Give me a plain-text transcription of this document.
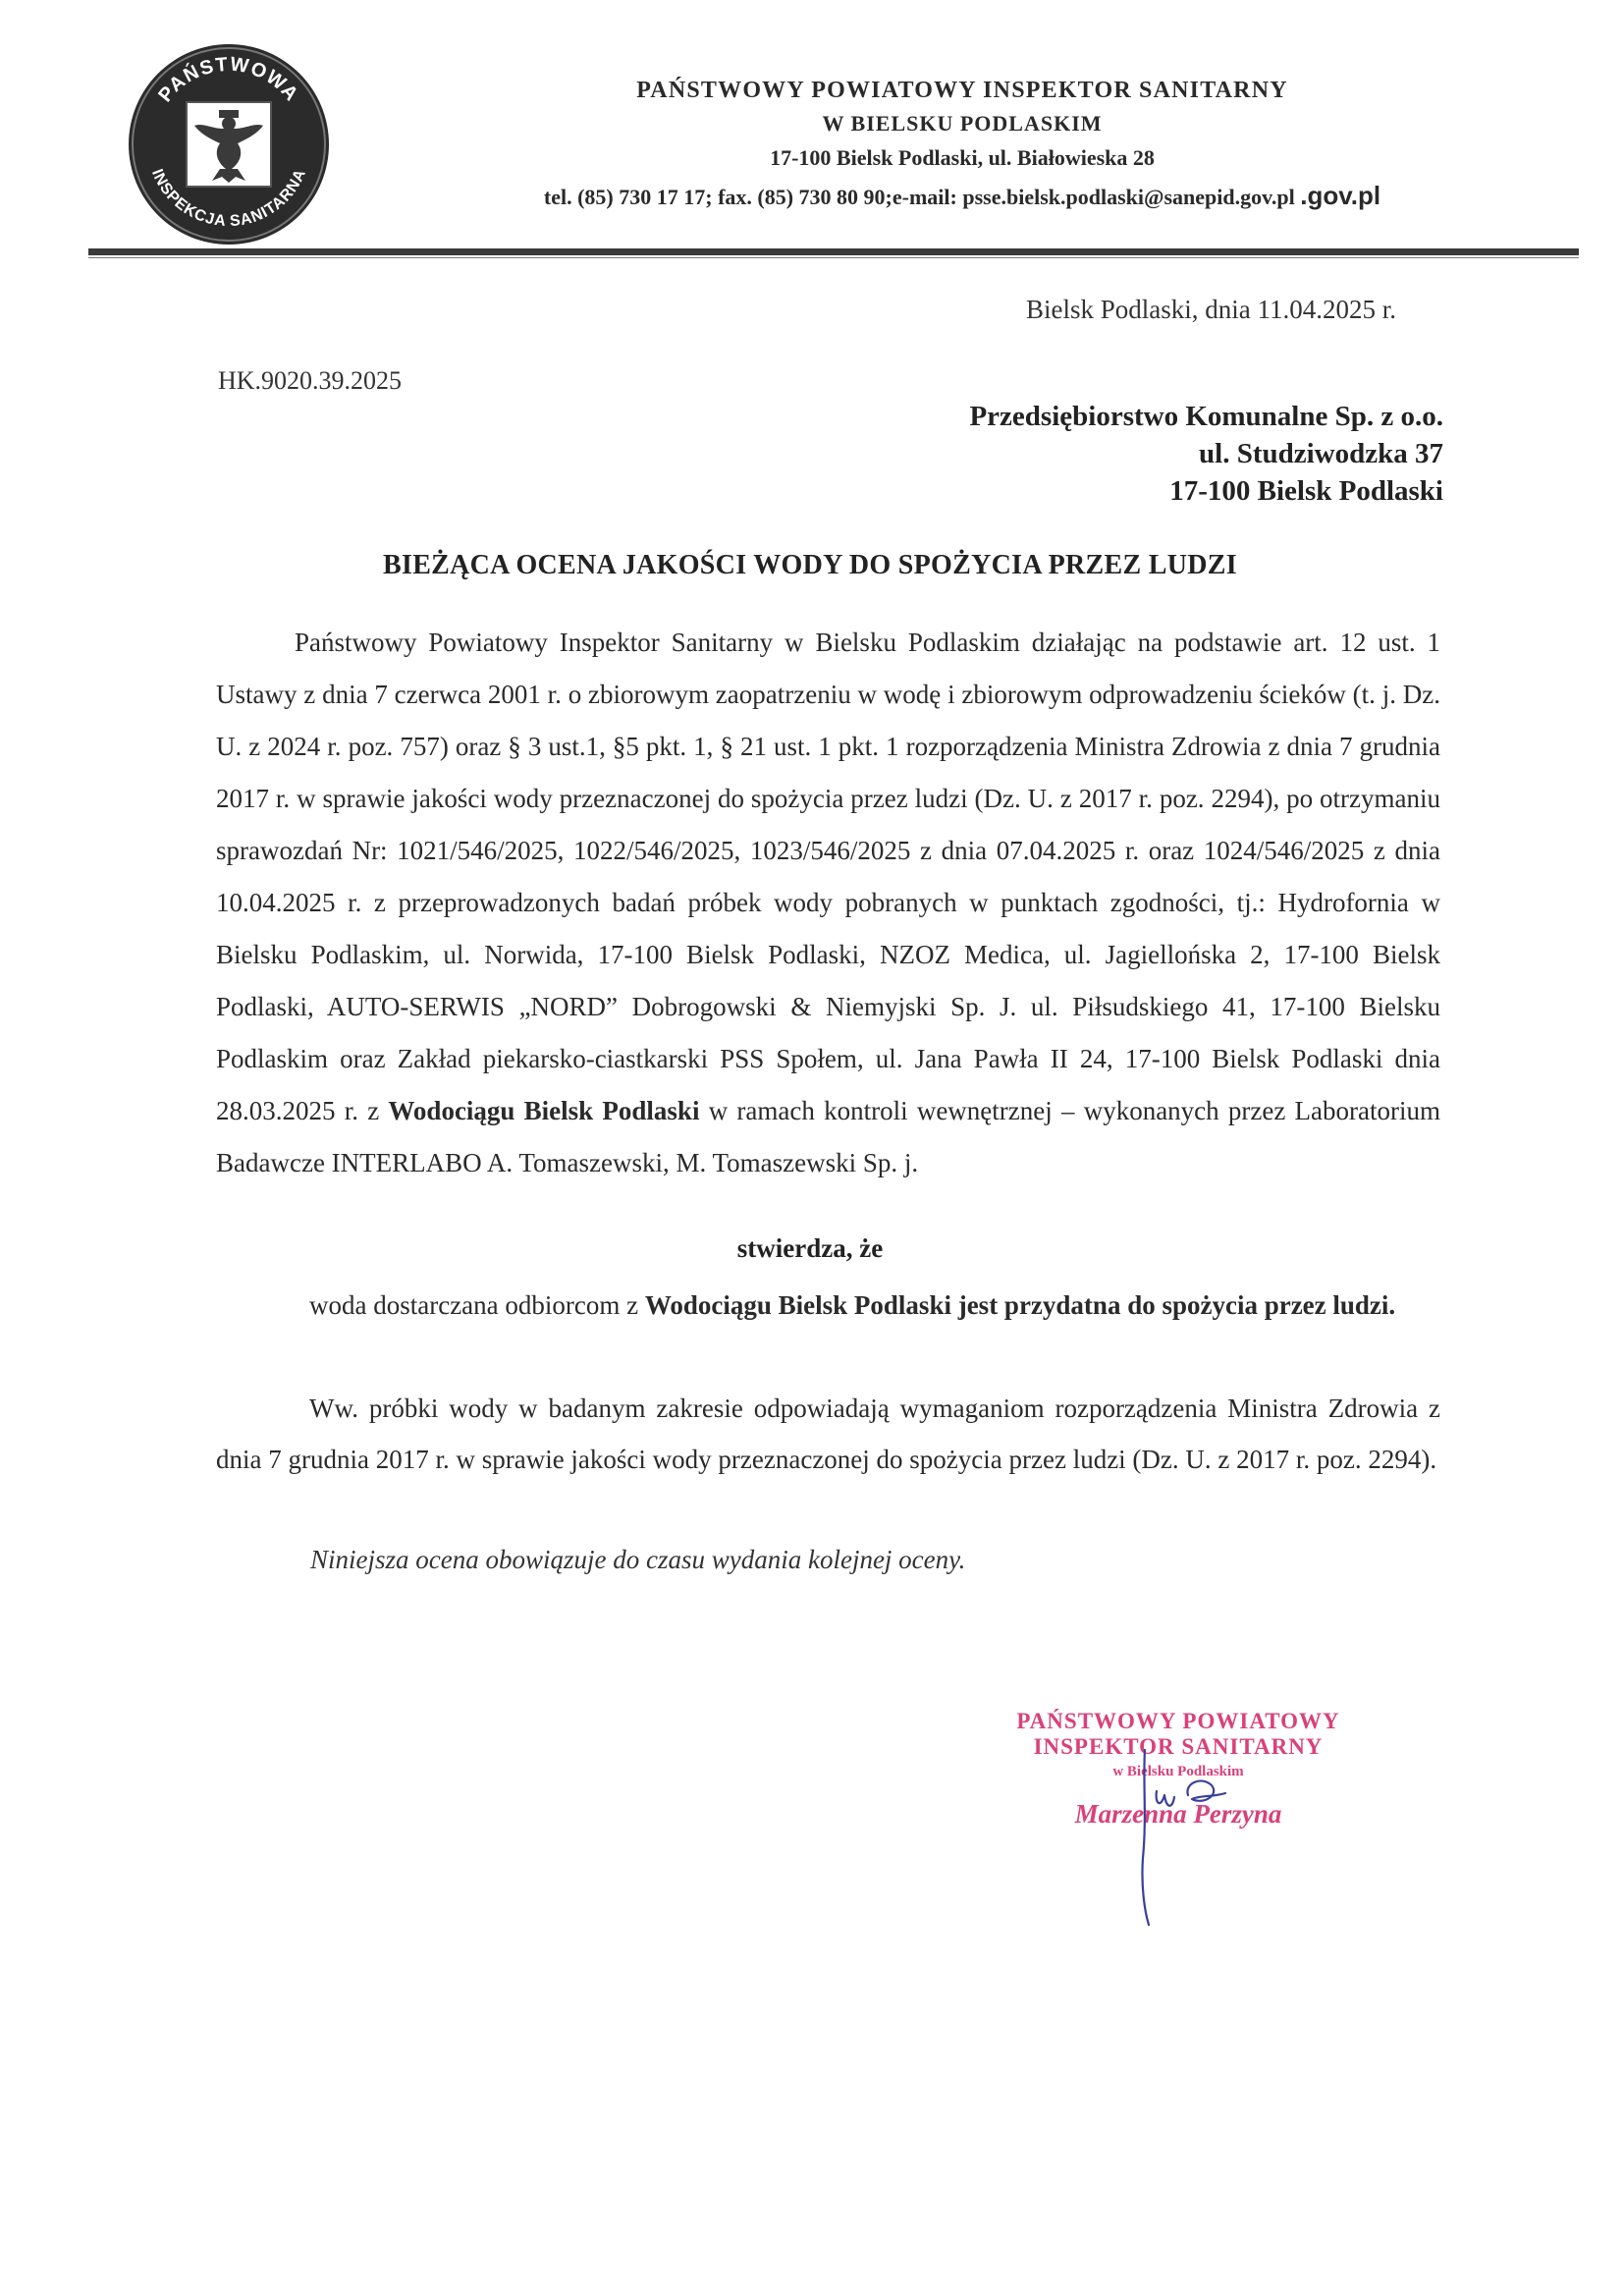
PAŃSTWOWA
INSPEKCJA SANITARNA
PAŃSTWOWY POWIATOWY INSPEKTOR SANITARNY
W BIELSKU PODLASKIM
17-100 Bielsk Podlaski, ul. Białowieska 28
tel. (85) 730 17 17; fax. (85) 730 80 90;e-mail: psse.bielsk.podlaski@sanepid.gov.pl .gov.pl
Bielsk Podlaski, dnia 11.04.2025 r.
HK.9020.39.2025
Przedsiębiorstwo Komunalne Sp. z o.o.
ul. Studziwodzka 37
17-100 Bielsk Podlaski
BIEŻĄCA OCENA JAKOŚCI WODY DO SPOŻYCIA PRZEZ LUDZI

Państwowy Powiatowy Inspektor Sanitarny w Bielsku Podlaskim działając na podstawie art. 12 ust. 1 Ustawy z dnia 7 czerwca 2001 r. o zbiorowym zaopatrzeniu w wodę i zbiorowym odprowadzeniu ścieków (t. j. Dz. U. z 2024 r. poz. 757) oraz § 3 ust.1, §5 pkt. 1, § 21 ust. 1 pkt. 1 rozporządzenia Ministra Zdrowia z dnia 7 grudnia 2017 r. w sprawie jakości wody przeznaczonej do spożycia przez ludzi (Dz. U. z 2017 r. poz. 2294), po otrzymaniu sprawozdań Nr: 1021/546/2025, 1022/546/2025, 1023/546/2025 z dnia 07.04.2025 r. oraz 1024/546/2025 z dnia 10.04.2025 r. z przeprowadzonych badań próbek wody pobranych w punktach zgodności, tj.: Hydrofornia w Bielsku Podlaskim, ul. Norwida, 17-100 Bielsk Podlaski, NZOZ Medica, ul. Jagiellońska 2, 17-100 Bielsk Podlaski, AUTO-SERWIS „NORD” Dobrogowski & Niemyjski Sp. J. ul. Piłsudskiego 41, 17-100 Bielsku Podlaskim oraz Zakład piekarsko-ciastkarski PSS Społem, ul. Jana Pawła II 24, 17-100 Bielsk Podlaski dnia 28.03.2025 r. z Wodociągu Bielsk Podlaski w ramach kontroli wewnętrznej – wykonanych przez Laboratorium Badawcze INTERLABO A. Tomaszewski, M. Tomaszewski Sp. j.

stwierdza, że

woda dostarczana odbiorcom z Wodociągu Bielsk Podlaski jest przydatna do spożycia przez ludzi.

Ww. próbki wody w badanym zakresie odpowiadają wymaganiom rozporządzenia Ministra Zdrowia z dnia 7 grudnia 2017 r. w sprawie jakości wody przeznaczonej do spożycia przez ludzi (Dz. U. z 2017 r. poz. 2294).

Niniejsza ocena obowiązuje do czasu wydania kolejnej oceny.
PAŃSTWOWY POWIATOWY
INSPEKTOR SANITARNY
w Bielsku Podlaskim
Marzenna Perzyna
